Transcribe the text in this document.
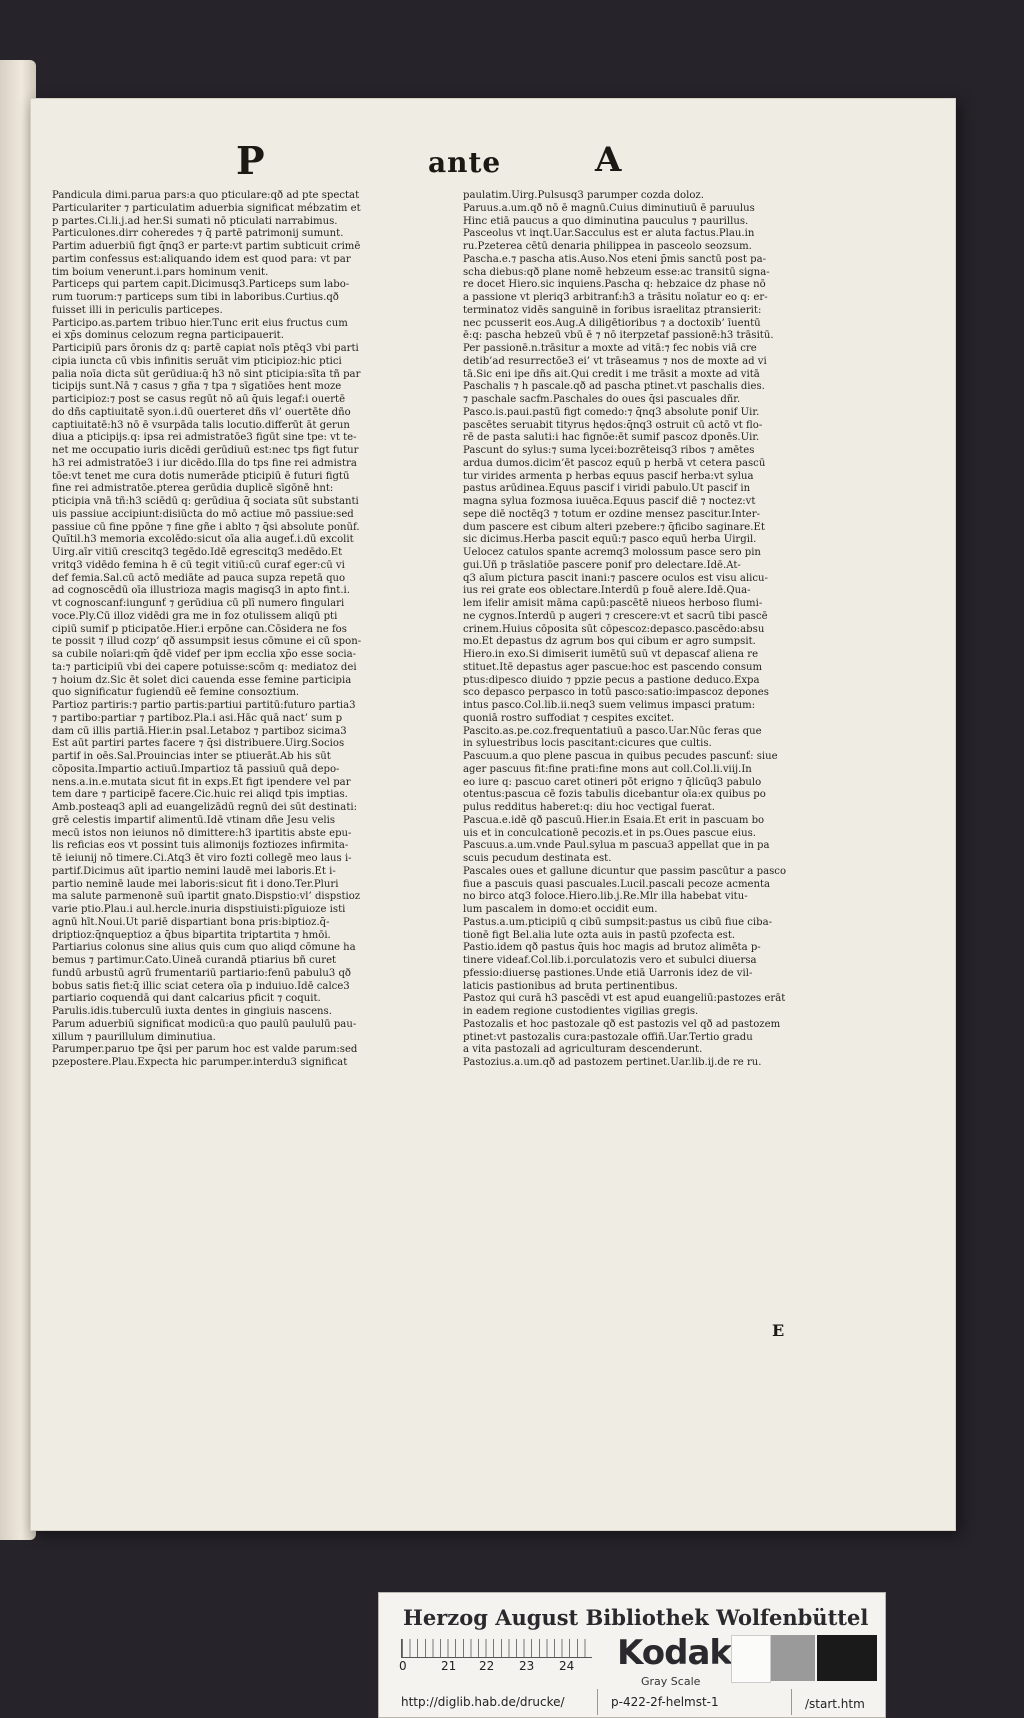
P	ante	A

Pandicula dimi.parua pars:a quo pticulare:qð ad pte spectat

Particulariter ⁊ particulatim aduerbia significat mébzatim et

p partes.Ci.li.j.ad her.Si sumati nō pticulati narrabimus.

Particulones.dirr coheredes ⁊ q̄ partē patrimonij sumunt.

Partim aduerbiū figt q̄nq3 er parte:vt partim subticuit crimē

partim confessus est:aliquando idem est quod para: vt par

tim boium venerunt.i.pars hominum venit.

Particeps qui partem capit.Dicimusq3.Particeps sum labo-

rum tuorum:⁊ particeps sum tibi in laboribus.Curtius.qð

fuisset illi in periculis particepes.

Participo.as.partem tribuo hier.Tunc erit eius fructus cum

ei xp̄s dominus celozum regna participauerit.

Participiū pars ōronis dz q: partē capiat noīs ptēq3 vbi parti

cipia iuncta cū vbis infinitis seruāt vim pticipioz:hic ptici

palia noīa dicta sūt gerūdiua:q̄ h3 nō sint pticipia:sīta tñ par

ticipijs sunt.Nā ⁊ casus ⁊ gña ⁊ tpa ⁊ sīgatiōes hent moze

participioz:⁊ post se casus regūt nō aū q̄uis legaf:i ouertē

do dñs captiuitatē syon.i.dū ouerteret dñs vl’ ouertēte dño

captiuitatē:h3 nō ē vsurpāda talis locutio.differūt āt gerun

diua a pticipijs.q: ipsa rei admistratōe3 figūt sine tpe: vt te-

net me occupatio iuris dicēdi gerūdiuū est:nec tps figt futur

h3 rei admistratōe3 i iur dicēdo.Illa do tps fine rei admistra

tōe:vt tenet me cura dotis numerāde pticipiū ē futuri figtū

fine rei admistratōe.pterea gerūdia duplicē sīgōnē hnt:

pticipia vnā tñ:h3 sciēdū q: gerūdiua q̄ sociata sūt substanti

uis passiue accipiunt:disiūcta do mō actiue mō passiue:sed

passiue cū fine ppōne ⁊ fine gñe i ablto ⁊ q̄si absolute ponūf.

Quītil.h3 memoria excolēdo:sicut oīa alia augeť.i.dū excolit

Uirg.aīr vitiū crescitq3 tegēdo.Idē egrescitq3 medēdo.Et

vritq3 vidēdo femina h ē cū tegit vitiū:cū curaf eger:cū vi

def femia.Sal.cū actō mediāte ad pauca supza repetā quo

ad cognoscēdū oīa illustrioza magis magisq3 in apto fint.i.

vt cognoscanf:iungunť ⁊ gerūdiua cū plī numero fingulari

voce.Ply.Cū illoz vidēdi gra me in foz otulissem aliqū pti

cipiū sumif p pticipatōe.Hier.i erpōne can.Cōsidera ne fos

te possit ⁊ illud cozp’ qð assumpsit iesus cōmune ei cū spon-

sa cubile noīari:qm̄ q̄dē videf per ipm ecclia xp̄o esse socia-

ta:⁊ participiū vbi dei capere potuisse:scōm q: mediatoz dei

⁊ hoium dz.Sic ēt solet dici cauenda esse femine participia

quo significatur fugiendū eē femine consoztium.

Partioz partiris:⁊ partio partis:partiui partitū:futuro partia3

⁊ partibo:partiar ⁊ partiboz.Pla.i asi.Hāc quā nact’ sum p

dam cū illis partiā.Hier.in psal.Letaboz ⁊ partiboz sicima3

Est aūt partiri partes facere ⁊ q̄si distribuere.Uirg.Socios

partif in oēs.Sal.Prouincias inter se ptiuerāt.Ab his sūt

cōposita.Impartio actiuū.Impartioz tā passiuū quā depo-

nens.a.in.e.mutata sicut fit in exps.Et figt ipendere vel par

tem dare ⁊ participē facere.Cic.huic rei aliqd tpis imptias.

Amb.posteaq3 apli ad euangelizādū regnū dei sūt destinati:

grē celestis impartif alimentū.Idē vtinam dñe Jesu velis

mecū istos non ieiunos nō dimittere:h3 ipartitis abste epu-

lis reficias eos vt possint tuis alimonijs foztiozes infirmita-

tē ieiunij nō timere.Ci.Atq3 ēt viro fozti collegē meo laus i-

partif.Dicimus aūt ipartio nemini laudē mei laboris.Et i-

partio neminē laude mei laboris:sicut fit i dono.Ter.Pluri

ma salute parmenonē suū ipartit gnato.Dispstio:vl’ dispstioz

varie ptio.Plau.i aul.hercle.inuria dispstiuisti:pīguioze isti

agnū hīt.Noui.Ut pariē dispartiant bona pris:biptioz.q̄-

driptioz:q̄nqueptioz a q̄bus bipartita triptartita ⁊ hmōi.

Partiarius colonus sine alius quis cum quo aliqd cōmune ha

bemus ⁊ partimur.Cato.Uineā curandā ptiarius bñ curet

fundū arbustū agrū frumentariū partiario:fenū pabulu3 qð

bobus satis fiet:q̄ illic sciat cetera oīa p induiuo.Idē calce3

partiario coquendā qui dant calcarius pficit ⁊ coquit.

Parulis.idis.tuberculū iuxta dentes in gingiuis nascens.

Parum aduerbiū significat modicū:a quo paulū paululū pau-

xillum ⁊ paurillulum diminutiua.

Parumper.paruo tpe q̄si per parum hoc est valde parum:sed

pzepostere.Plau.Expecta hic parumper.interdu3 significat

paulatim.Uirg.Pulsusq3 parumper cozda doloz.

Paruus.a.um.qð nō ē magnū.Cuius diminutiuū ē paruulus

Hinc etiā paucus a quo diminutina pauculus ⁊ paurillus.

Pasceolus vt inqt.Uar.Sacculus est er aluta factus.Plau.in

ru.Pzeterea cētū denaria philippea in pasceolo seozsum.

Pascha.e.⁊ pascha atis.Auso.Nos eteni p̄mis sanctū post pa-

scha diebus:qð plane nomē hebzeum esse:ac transitū signa-

re docet Hiero.sic inquiens.Pascha q: hebzaice dz phase nō

a passione vt pleriq3 arbitranť:h3 a trāsitu noīatur eo q: er-

terminatoz vidēs sanguinē in foribus israelitaz ptransierit:

nec pcusserit eos.Aug.A diligētioribus ⁊ a doctoxib’ īuentū

ē:q: pascha hebzeū vbū ē ⁊ nō iterpzetaf passionē:h3 trāsitū.

Per passionē.n.trāsitur a moxte ad vitā:⁊ fec nobis viā cre

detib’ad resurrectōe3 ei’ vt trāseamus ⁊ nos de moxte ad vi

tā.Sic eni ipe dñs ait.Qui credit i me trāsit a moxte ad vitā

Paschalis ⁊ h pascale.qð ad pascha ptinet.vt paschalis dies.

⁊ paschale sacfm.Paschales do oues q̄si pascuales dñr.

Pasco.is.paui.pastū figt comedo:⁊ q̄nq3 absolute ponif Uir.

pascētes seruabit tityrus hędos:q̄nq3 ostruit cū actō vt flo-

rē de pasta saluti:i hac fignōe:ēt sumif pascoz dponēs.Uir.

Pascunt do sylus:⁊ suma lycei:bozrēteisq3 ribos ⁊ amētes

ardua dumos.dicim’ēt pascoz equū p herbā vt cetera pascū

tur virides armenta p herbas equus pascif herba:vt sylua

pastus arūdinea.Equus pascif i viridi pabulo.Ut pascif in

magna sylua fozmosa iuuēca.Equus pascif diē ⁊ noctez:vt

sepe diē noctēq3 ⁊ totum er ozdine mensez pascitur.Inter-

dum pascere est cibum alteri pzebere:⁊ q̄ficibo saginare.Et

sic dicimus.Herba pascit equū:⁊ pasco equū herba Uirgil.

Uelocez catulos spante acremq3 molossum pasce sero pin

gui.Uñ p trāslatiōe pascere ponif pro delectare.Idē.At-

q3 aīum pictura pascit inani:⁊ pascere oculos est visu alicu-

ius rei grate eos oblectare.Interdū p fouē alere.Idē.Qua-

lem ifelir amisit māma capū:pascētē niueos herboso flumi-

ne cygnos.Interdū p augeri ⁊ crescere:vt et sacrū tibi pascē

crinem.Huius cōposita sūt cōpescoz:depasco.pascēdo:absu

mo.Et depastus dz agrum bos qui cibum er agro sumpsit.

Hiero.in exo.Si dimiserit iumētū suū vt depascaf aliena re

stituet.Itē depastus ager pascue:hoc est pascendo consum

ptus:dipesco diuido ⁊ ppzie pecus a pastione deduco.Expa

sco depasco perpasco in totū pasco:satio:impascoz depones

intus pasco.Col.lib.ii.neq3 suem velimus impasci pratum:

quoniā rostro suffodiat ⁊ cespites excitet.

Pascito.as.pe.coz.frequentatiuū a pasco.Uar.Nūc feras que

in syluestribus locis pascitant:cicures que cultis.

Pascuum.a quo plene pascua in quibus pecudes pascunť: siue

ager pascuus fit:fine prati:fine mons aut coll.Col.li.viij.In

eo iure q: pascuo caret otineri pōt erigno ⁊ q̄licūq3 pabulo

otentus:pascua cē fozis tabulis dicebantur oīa:ex quibus po

pulus redditus haberet:q: diu hoc vectigal fuerat.

Pascua.e.idē qð pascuū.Hier.in Esaia.Et erit in pascuam bo

uis et in conculcationē pecozis.et in ps.Oues pascue eius.

Pascuus.a.um.vnde Paul.sylua m pascua3 appellat que in pa

scuis pecudum destinata est.

Pascales oues et gallune dicuntur que passim pascūtur a pasco

fiue a pascuis quasi pascuales.Lucil.pascali pecoze acmenta

no birco atq3 foloce.Hiero.lib.j.Re.Mlr illa habebat vitu-

lum pascalem in domo:et occidit eum.

Pastus.a.um.pticipiū q cibū sumpsit:pastus us cibū fiue ciba-

tionē figt Bel.alia lute ozta auis in pastū pzofecta est.

Pastio.idem qð pastus q̄uis hoc magis ad brutoz alimēta p-

tinere videaf.Col.lib.i.porculatozis vero et subulci diuersa

pfessio:diuersę pastiones.Unde etiā Uarronis idez de vil-

laticis pastionibus ad bruta pertinentibus.

Pastoz qui curā h3 pascēdi vt est apud euangeliū:pastozes erāt

in eadem regione custodientes vigilias gregis.

Pastozalis et hoc pastozale qð est pastozis vel qð ad pastozem

ptinet:vt pastozalis cura:pastozale offiñ.Uar.Tertio gradu

a vita pastozali ad agriculturam descenderunt.

Pastozius.a.um.qð ad pastozem pertinet.Uar.lib.ij.de re ru.

E
Herzog August Bibliothek Wolfenbüttel
0	21 22 23 24 Kodak
Gray Scale
http://diglib.hab.de/drucke/	p-422-2f-helmst-1	/start.htm
